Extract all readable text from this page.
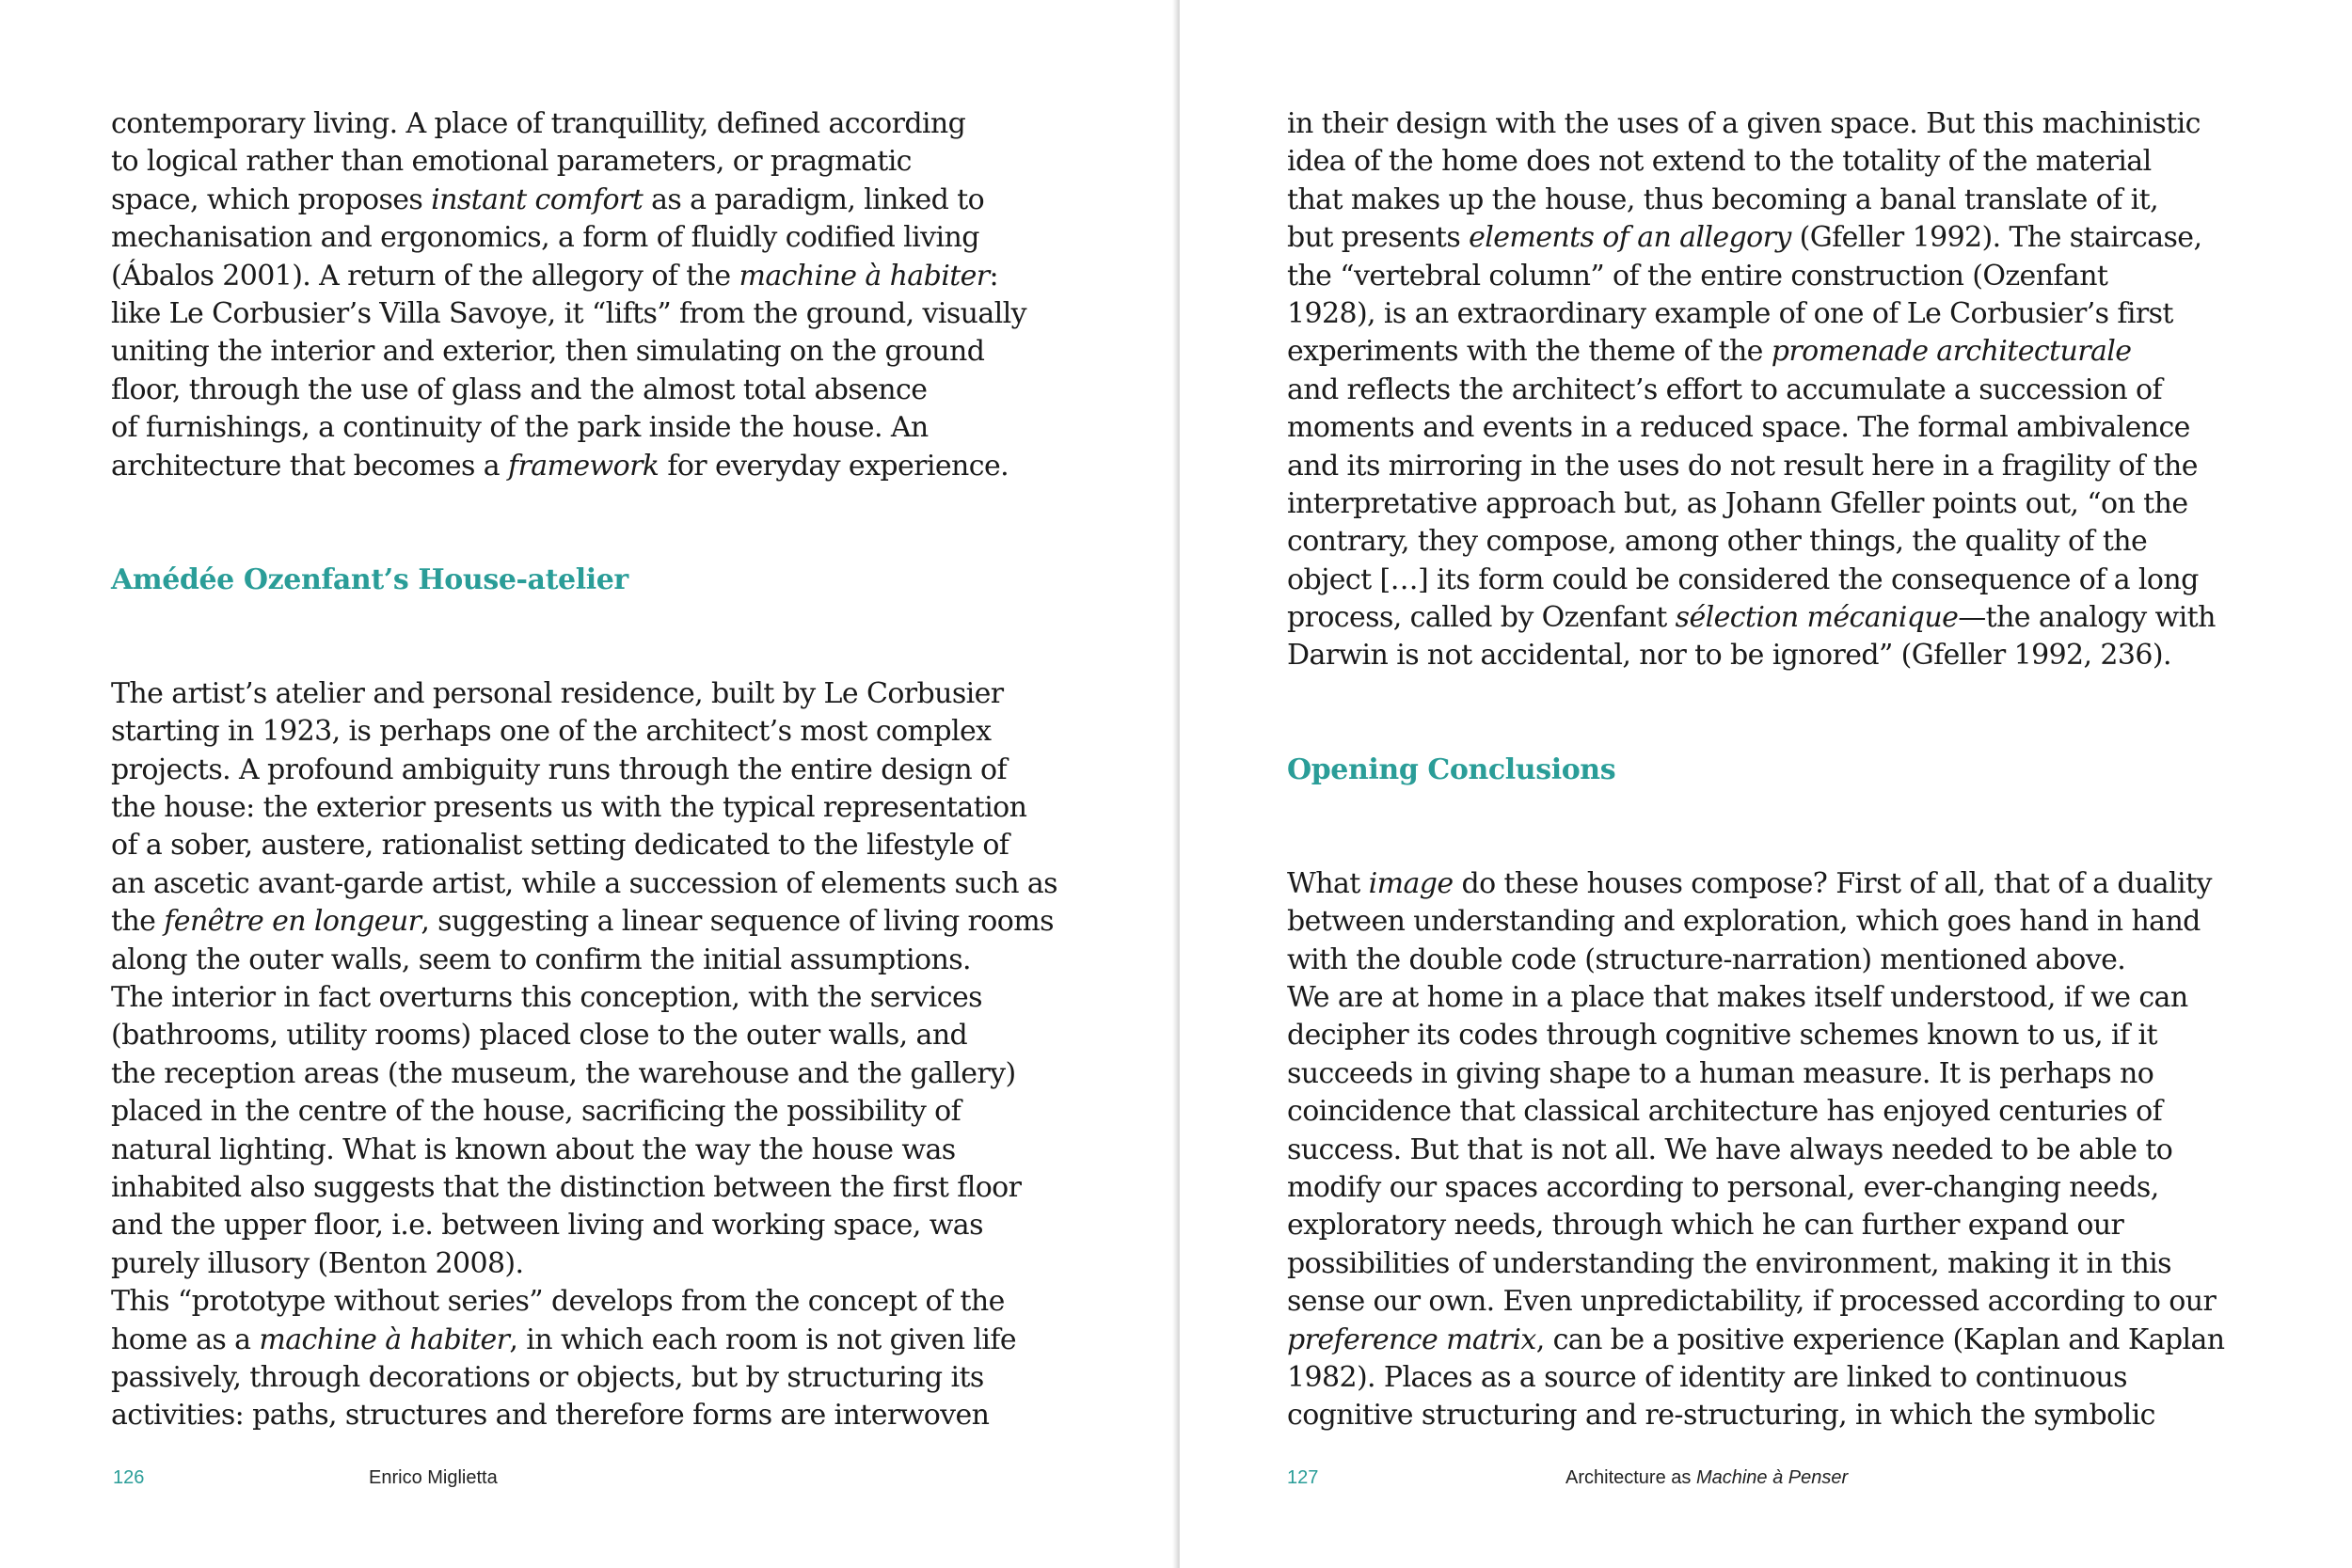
contemporary living. A place of tranquillity, defined according
to logical rather than emotional parameters, or pragmatic
space, which proposes instant comfort as a paradigm, linked to
mechanisation and ergonomics, a form of fluidly codified living
(Ábalos 2001). A return of the allegory of the machine à habiter:
like Le Corbusier’s Villa Savoye, it “lifts” from the ground, visually
uniting the interior and exterior, then simulating on the ground
floor, through the use of glass and the almost total absence
of furnishings, a continuity of the park inside the house. An
architecture that becomes a framework for everyday experience.
Amédée Ozenfant’s House-atelier
The artist’s atelier and personal residence, built by Le Corbusier
starting in 1923, is perhaps one of the architect’s most complex
projects. A profound ambiguity runs through the entire design of
the house: the exterior presents us with the typical representation
of a sober, austere, rationalist setting dedicated to the lifestyle of
an ascetic avant-garde artist, while a succession of elements such as
the fenêtre en longeur, suggesting a linear sequence of living rooms
along the outer walls, seem to confirm the initial assumptions.
The interior in fact overturns this conception, with the services
(bathrooms, utility rooms) placed close to the outer walls, and
the reception areas (the museum, the warehouse and the gallery)
placed in the centre of the house, sacrificing the possibility of
natural lighting. What is known about the way the house was
inhabited also suggests that the distinction between the first floor
and the upper floor, i.e. between living and working space, was
purely illusory (Benton 2008).
This “prototype without series” develops from the concept of the
home as a machine à habiter, in which each room is not given life
passively, through decorations or objects, but by structuring its
activities: paths, structures and therefore forms are interwoven
126	Enrico Miglietta
in their design with the uses of a given space. But this machinistic
idea of the home does not extend to the totality of the material
that makes up the house, thus becoming a banal translate of it,
but presents elements of an allegory (Gfeller 1992). The staircase,
the “vertebral column” of the entire construction (Ozenfant
1928), is an extraordinary example of one of Le Corbusier’s first
experiments with the theme of the promenade architecturale
and reflects the architect’s effort to accumulate a succession of
moments and events in a reduced space. The formal ambivalence
and its mirroring in the uses do not result here in a fragility of the
interpretative approach but, as Johann Gfeller points out, “on the
contrary, they compose, among other things, the quality of the
object […] its form could be considered the consequence of a long
process, called by Ozenfant sélection mécanique—the analogy with
Darwin is not accidental, nor to be ignored” (Gfeller 1992, 236).
Opening Conclusions
What image do these houses compose? First of all, that of a duality
between understanding and exploration, which goes hand in hand
with the double code (structure-narration) mentioned above.
We are at home in a place that makes itself understood, if we can
decipher its codes through cognitive schemes known to us, if it
succeeds in giving shape to a human measure. It is perhaps no
coincidence that classical architecture has enjoyed centuries of
success. But that is not all. We have always needed to be able to
modify our spaces according to personal, ever-changing needs,
exploratory needs, through which he can further expand our
possibilities of understanding the environment, making it in this
sense our own. Even unpredictability, if processed according to our
preference matrix, can be a positive experience (Kaplan and Kaplan
1982). Places as a source of identity are linked to continuous
cognitive structuring and re-structuring, in which the symbolic
127	Architecture as Machine à Penser
